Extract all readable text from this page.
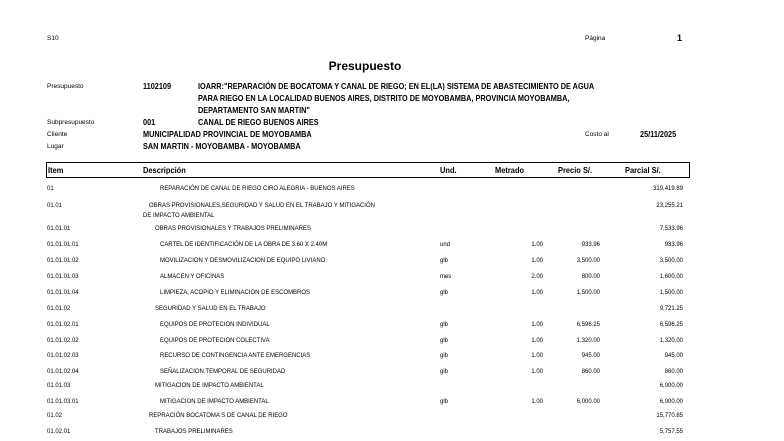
S10	Página	1
Presupuesto
Presupuesto	1102109	IOARR:"REPARACIÓN DE BOCATOMA Y CANAL DE RIEGO; EN EL(LA) SISTEMA DE ABASTECIMIENTO DE AGUA
PARA RIEGO EN LA LOCALIDAD BUENOS AIRES, DISTRITO DE MOYOBAMBA, PROVINCIA MOYOBAMBA,
DEPARTAMENTO SAN MARTIN"
Subpresupuesto	001	CANAL DE RIEGO BUENOS AIRES
Cliente	MUNICIPALIDAD PROVINCIAL DE MOYOBAMBA	Costo al	25/11/2025
Lugar	SAN MARTIN - MOYOBAMBA - MOYOBAMBA
Item	Descripción	Und.	Metrado	Precio S/.	Parcial S/.
01	REPARACIÓN DE CANAL DE RIEGO CIRO ALEGRIA - BUENOS AIRES	319,419.89
01.01	OBRAS PROVISIONALES,SEGURIDAD Y SALUD EN EL TRABAJO Y MITIGACIÓN
DE IMPACTO AMBIENTAL
23,255.21
01.01.01	OBRAS PROVISIONALES Y TRABAJOS PRELIMINARES	7,533.96
01.01.01.01	CARTEL DE IDENTIFICACIÓN DE LA OBRA DE 3.60 X 2.40M	und	1.00	933.96	933.96
01.01.01.02	MOVILIZACION Y DESMOVILIZACION DE EQUIPO LIVIANO	glb	1.00	3,500.00	3,500.00
01.01.01.03	ALMACEN Y OFICINAS	mes	2.00	800.00	1,600.00
01.01.01.04	LIMPIEZA, ACOPIO Y ELIMINACION DE ESCOMBROS	glb	1.00	1,500.00	1,500.00
01.01.02	SEGURIDAD Y SALUD EN EL TRABAJO	9,721.25
01.01.02.01	EQUIPOS DE PROTECION INDIVIDUAL	glb	1.00	6,596.25	6,596.25
01.01.02.02	EQUIPOS DE PROTECION COLECTIVA	glb	1.00	1,320.00	1,320.00
01.01.02.03	RECURSO DE CONTINGENCIA ANTE EMERGENCIAS	glb	1.00	945.00	945.00
01.01.02.04	SEÑALIZACION TEMPORAL DE SEGURIDAD	glb	1.00	860.00	860.00
01.01.03	MITIGACION DE IMPACTO AMBIENTAL	6,000.00
01.01.03.01	MITIGACION DE IMPACTO AMBIENTAL	glb	1.00	6,000.00	6,000.00
01.02	REPRACIÓN BOCATOMA S DE CANAL DE RIEGO	15,770.85
01.02.01	TRABAJOS PRELIMINARES	5,757.55
